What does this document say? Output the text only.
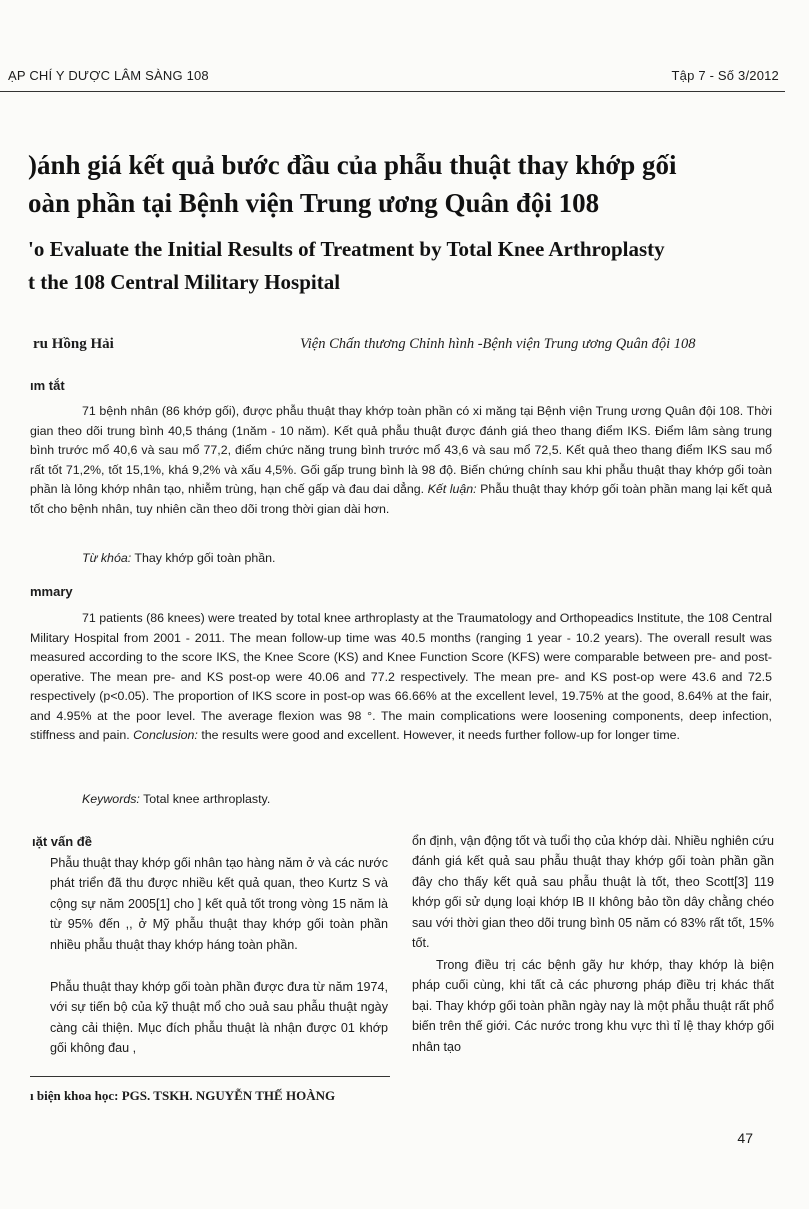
ẠP CHÍ Y DƯỢC LÂM SÀNG 108	Tập 7 - Số 3/2012
)ánh giá kết quả bước đầu của phẫu thuật thay khớp gối
oàn phần tại Bệnh viện Trung ương Quân đội 108
'o Evaluate the Initial Results of Treatment by Total Knee Arthroplasty
t the 108 Central Military Hospital
ru Hồng Hải	Viện Chấn thương Chỉnh hình -Bệnh viện Trung ương Quân đội 108
ım tắt
71 bệnh nhân (86 khớp gối), được phẫu thuật thay khớp toàn phần có xi măng tại Bệnh viện Trung ương Quân đội 108. Thời gian theo dõi trung bình 40,5 tháng (1năm - 10 năm). Kết quả phẫu thuật được đánh giá theo thang điểm IKS. Điểm lâm sàng trung bình trước mổ 40,6 và sau mổ 77,2, điểm chức năng trung bình trước mổ 43,6 và sau mổ 72,5. Kết quả theo thang điểm IKS sau mổ rất tốt 71,2%, tốt 15,1%, khá 9,2% và xấu 4,5%. Gối gấp trung bình là 98 độ. Biến chứng chính sau khi phẫu thuật thay khớp gối toàn phần là lỏng khớp nhân tạo, nhiễm trùng, hạn chế gấp và đau dai dẳng. Kết luận: Phẫu thuật thay khớp gối toàn phần mang lại kết quả tốt cho bệnh nhân, tuy nhiên cần theo dõi trong thời gian dài hơn.
Từ khóa: Thay khớp gối toàn phần.
mmary
71 patients (86 knees) were treated by total knee arthroplasty at the Traumatology and Orthopeadics Institute, the 108 Central Military Hospital from 2001 - 2011. The mean follow-up time was 40.5 months (ranging 1 year - 10.2 years). The overall result was measured according to the score IKS, the Knee Score (KS) and Knee Function Score (KFS) were comparable between pre- and post-operative. The mean pre- and KS post-op were 40.06 and 77.2 respectively. The mean pre- and KS post-op were 43.6 and 72.5 respectively (p<0.05). The proportion of IKS score in post-op was 66.66% at the excellent level, 19.75% at the good, 8.64% at the fair, and 4.95% at the poor level. The average flexion was 98 °. The main complications were loosening components, deep infection, stiffness and pain. Conclusion: the results were good and excellent. However, it needs further follow-up for longer time.
Keywords: Total knee arthroplasty.
ıặt vấn đề
Phẫu thuật thay khớp gối nhân tạo hàng năm ở và các nước phát triển đã thu được nhiều kết quả quan, theo Kurtz S và cộng sự năm 2005[1] cho ] kết quả tốt trong vòng 15 năm là từ 95% đến ,, ở Mỹ phẫu thuật thay khớp gối toàn phần nhiều phẫu thuật thay khớp háng toàn phần.
Phẫu thuật thay khớp gối toàn phần được đưa từ năm 1974, với sự tiến bộ của kỹ thuật mổ cho ɔuả sau phẫu thuật ngày càng cải thiện. Mục đích phẫu thuật là nhận được 01 khớp gối không đau ,
ổn định, vận động tốt và tuổi thọ của khớp dài. Nhiều nghiên cứu đánh giá kết quả sau phẫu thuật thay khớp gối toàn phần gần đây cho thấy kết quả sau phẫu thuật là tốt, theo Scott[3] 119 khớp gối sử dụng loại khớp IB II không bảo tồn dây chằng chéo sau với thời gian theo dõi trung bình 05 năm có 83% rất tốt, 15% tốt.
Trong điều trị các bệnh gãy hư khớp, thay khớp là biện pháp cuối cùng, khi tất cả các phương pháp điều trị khác thất bại. Thay khớp gối toàn phần ngày nay là một phẫu thuật rất phổ biến trên thế giới. Các nước trong khu vực thì tỉ lệ thay khớp gối nhân tạo
ı biện khoa học: PGS. TSKH. NGUYỄN THẾ HOÀNG
47
